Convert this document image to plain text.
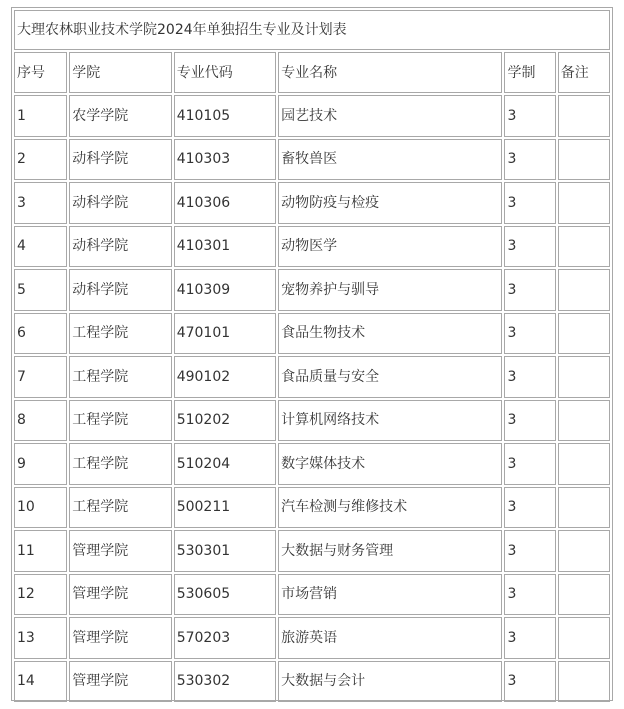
大理农林职业技术学院2024年单独招生专业及计划表					
序号	学院	专业代码	专业名称	学制	备注
1	农学学院	410105	园艺技术	3	
2	动科学院	410303	畜牧兽医	3	
3	动科学院	410306	动物防疫与检疫	3	
4	动科学院	410301	动物医学	3	
5	动科学院	410309	宠物养护与驯导	3	
6	工程学院	470101	食品生物技术	3	
7	工程学院	490102	食品质量与安全	3	
8	工程学院	510202	计算机网络技术	3	
9	工程学院	510204	数字媒体技术	3	
10	工程学院	500211	汽车检测与维修技术	3	
11	管理学院	530301	大数据与财务管理	3	
12	管理学院	530605	市场营销	3	
13	管理学院	570203	旅游英语	3	
14	管理学院	530302	大数据与会计	3	
